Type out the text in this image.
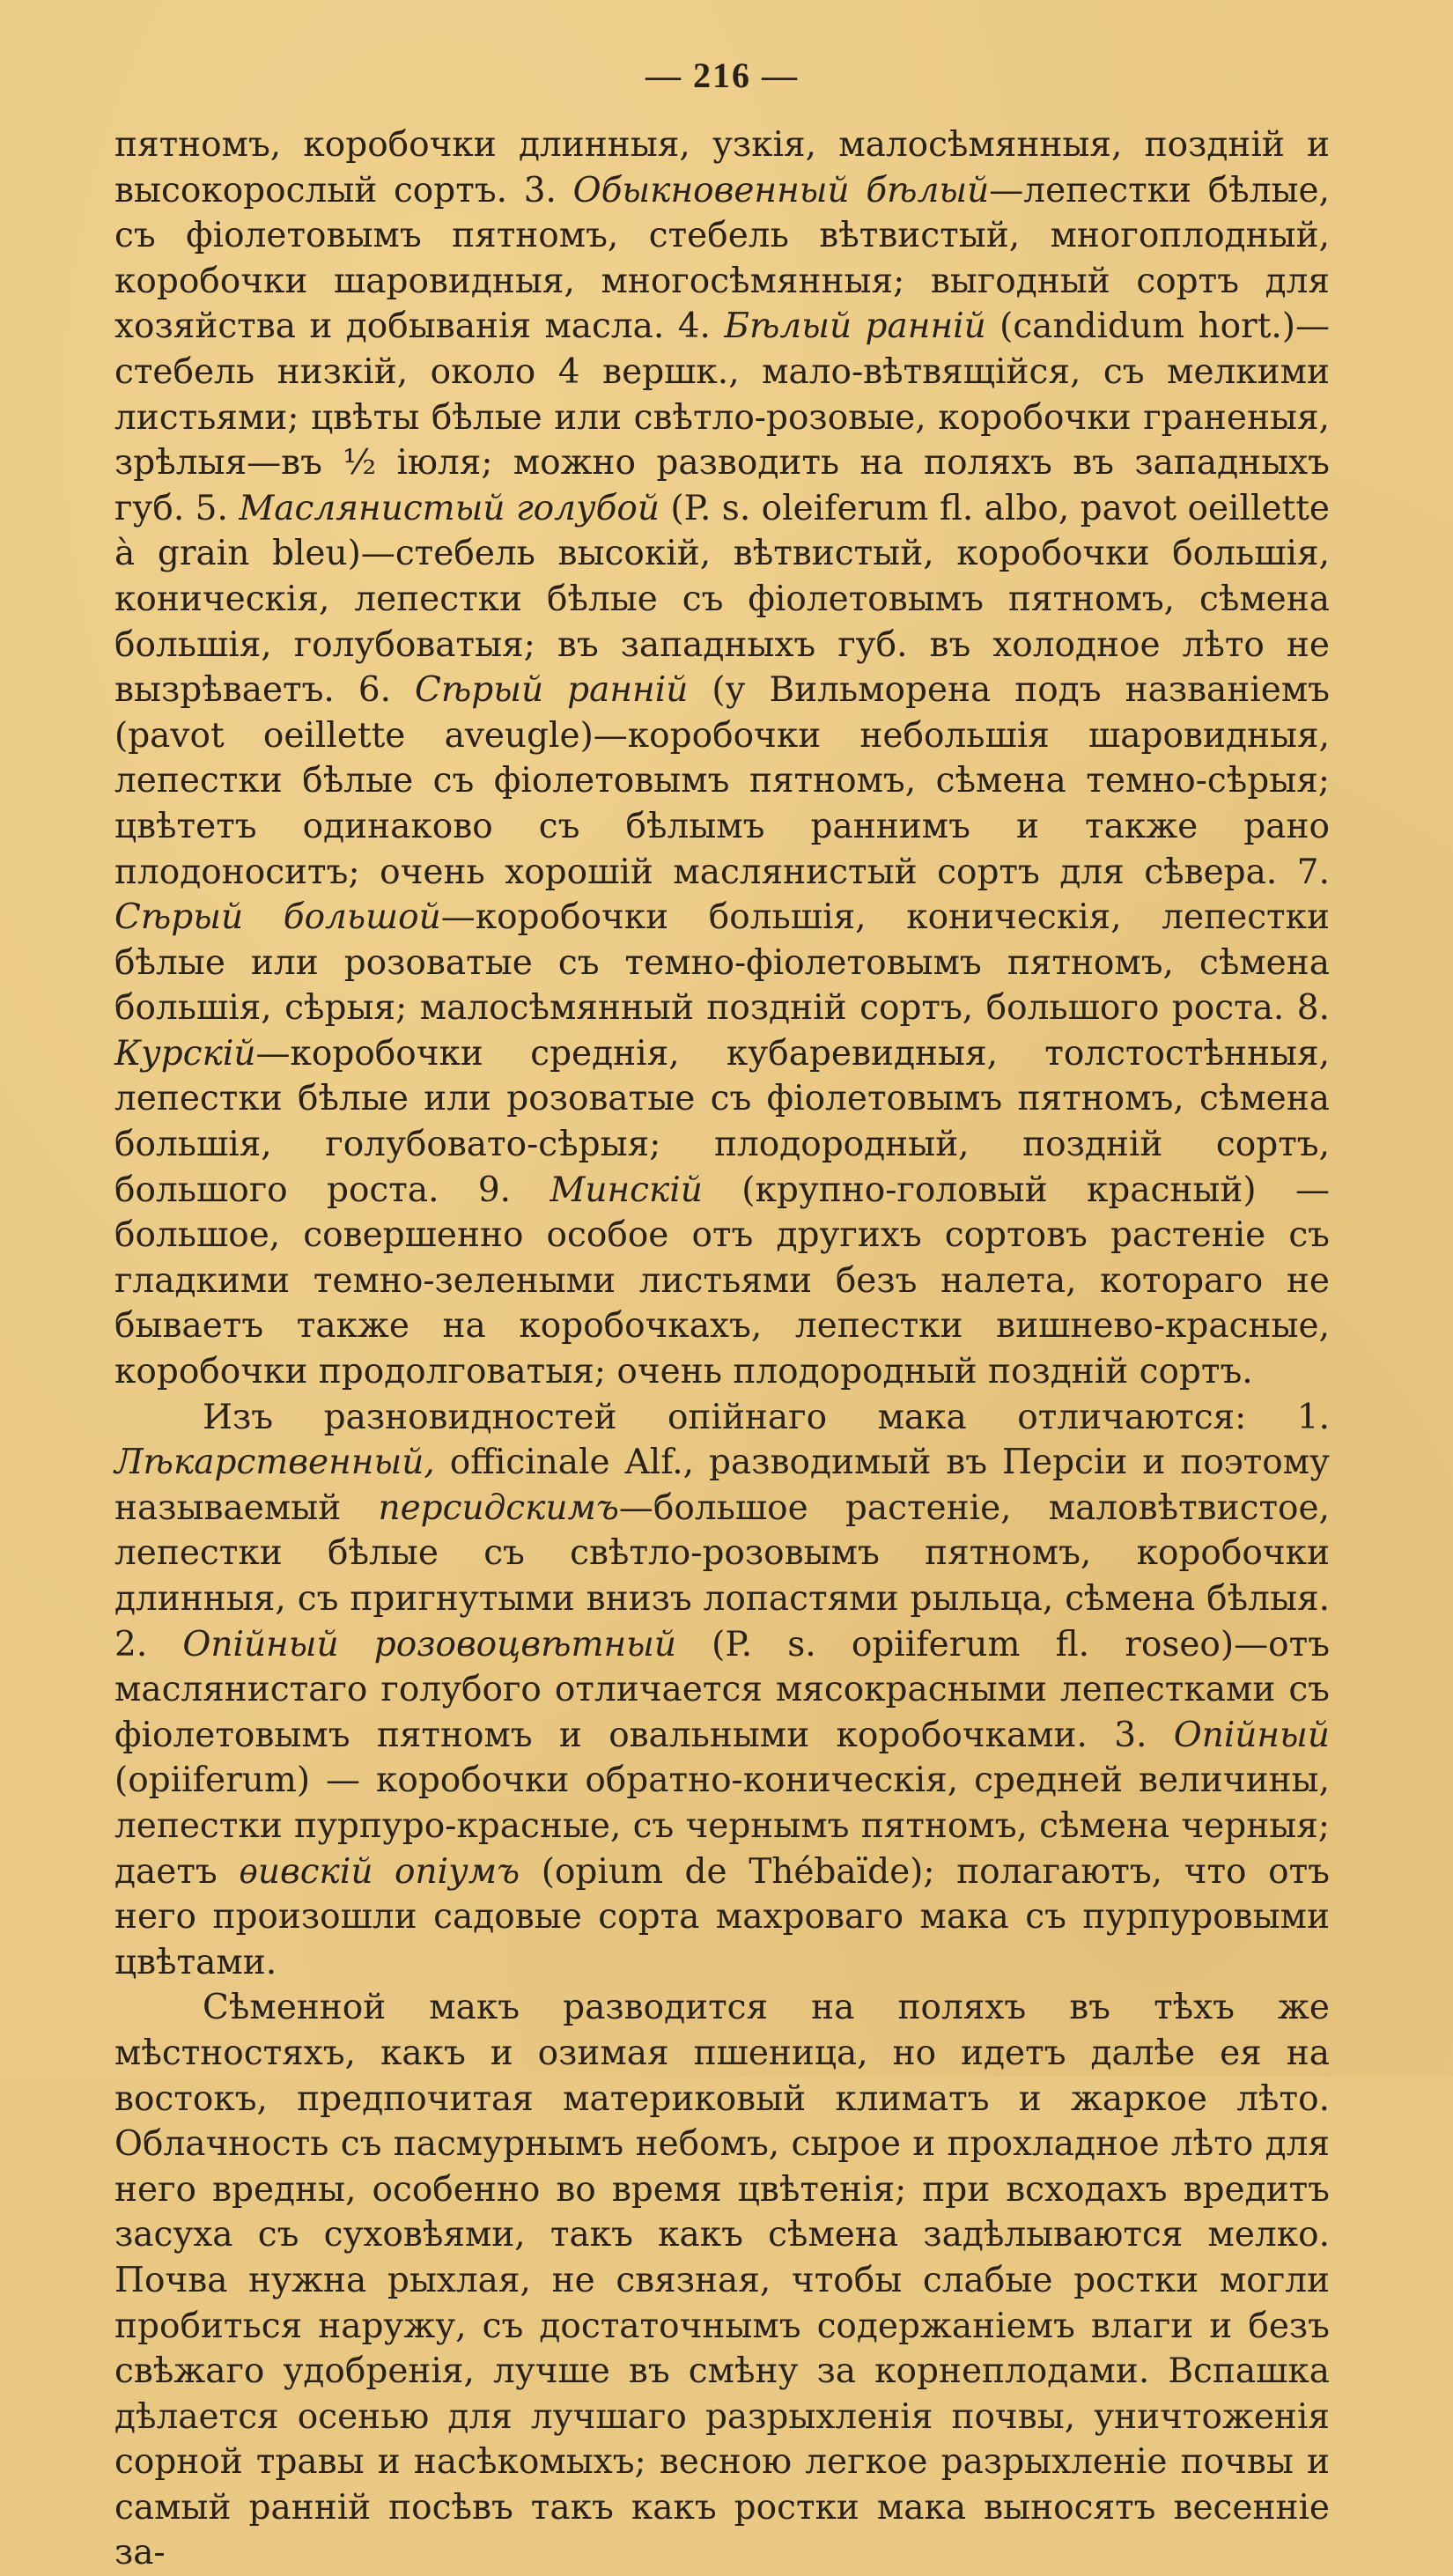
— 216 —

пятномъ, коробочки длинныя, узкія, малосѣмянныя, поздній и высокорослый сортъ. 3. Обыкновенный бѣлый—лепестки бѣлые, съ фіолетовымъ пятномъ, стебель вѣтвистый, многоплодный, коробочки шаровидныя, многосѣмянныя; выгодный сортъ для хозяйства и добыванія масла. 4. Бѣлый ранній (candidum hort.)—стебель низкій, около 4 вершк., мало-вѣтвящійся, съ мелкими листьями; цвѣты бѣлые или свѣтло-розовые, коробочки граненыя, зрѣлыя—въ ½ іюля; можно разводить на поляхъ въ западныхъ губ. 5. Маслянистый голубой (P. s. oleiferum fl. albo, pavot oeillette à grain bleu)—стебель высокій, вѣтвистый, коробочки большія, коническія, лепестки бѣлые съ фіолетовымъ пятномъ, сѣмена большія, голубоватыя; въ западныхъ губ. въ холодное лѣто не вызрѣваетъ. 6. Сѣрый ранній (у Вильморена подъ названіемъ (pavot oeillette aveugle)—коробочки небольшія шаровидныя, лепестки бѣлые съ фіолетовымъ пятномъ, сѣмена темно-сѣрыя; цвѣтетъ одинаково съ бѣлымъ раннимъ и также рано плодоноситъ; очень хорошій маслянистый сортъ для сѣвера. 7. Сѣрый большой—коробочки большія, коническія, лепестки бѣлые или розоватые съ темно-фіолетовымъ пятномъ, сѣмена большія, сѣрыя; малосѣмянный поздній сортъ, большого роста. 8. Курскій—коробочки среднія, кубаревидныя, толстостѣнныя, лепестки бѣлые или розоватые съ фіолетовымъ пятномъ, сѣмена большія, голубовато-сѣрыя; плодородный, поздній сортъ, большого роста. 9. Минскій (крупно-головый красный) — большое, совершенно особое отъ другихъ сортовъ растеніе съ гладкими темно-зелеными листьями безъ налета, котораго не бываетъ также на коробочкахъ, лепестки вишнево-красные, коробочки продолговатыя; очень плодородный поздній сортъ.

Изъ разновидностей опійнаго мака отличаются: 1. Лѣкарственный, officinale Alf., разводимый въ Персіи и поэтому называемый персидскимъ—большое растеніе, маловѣтвистое, лепестки бѣлые съ свѣтло-розовымъ пятномъ, коробочки длинныя, съ пригнутыми внизъ лопастями рыльца, сѣмена бѣлыя. 2. Опійный розовоцвѣтный (P. s. opiiferum fl. roseo)—отъ маслянистаго голубого отличается мясокрасными лепестками съ фіолетовымъ пятномъ и овальными коробочками. 3. Опійный (opiiferum) — коробочки обратно-коническія, средней величины, лепестки пурпуро-красные, съ чернымъ пятномъ, сѣмена черныя; даетъ ѳивскій опіумъ (opium de Thébaïde); полагаютъ, что отъ него произошли садовые сорта махроваго мака съ пурпуровыми цвѣтами.

Сѣменной макъ разводится на поляхъ въ тѣхъ же мѣстностяхъ, какъ и озимая пшеница, но идетъ далѣе ея на востокъ, предпочитая материковый климатъ и жаркое лѣто. Облачность съ пасмурнымъ небомъ, сырое и прохладное лѣто для него вредны, особенно во время цвѣтенія; при всходахъ вредитъ засуха съ суховѣями, такъ какъ сѣмена задѣлываются мелко. Почва нужна рыхлая, не связная, чтобы слабые ростки могли пробиться наружу, съ достаточнымъ содержаніемъ влаги и безъ свѣжаго удобренія, лучше въ смѣну за корнеплодами. Вспашка дѣлается осенью для лучшаго разрыхленія почвы, уничтоженія сорной травы и насѣкомыхъ; весною легкое разрыхленіе почвы и самый ранній посѣвъ такъ какъ ростки мака выносятъ весенніе за-
